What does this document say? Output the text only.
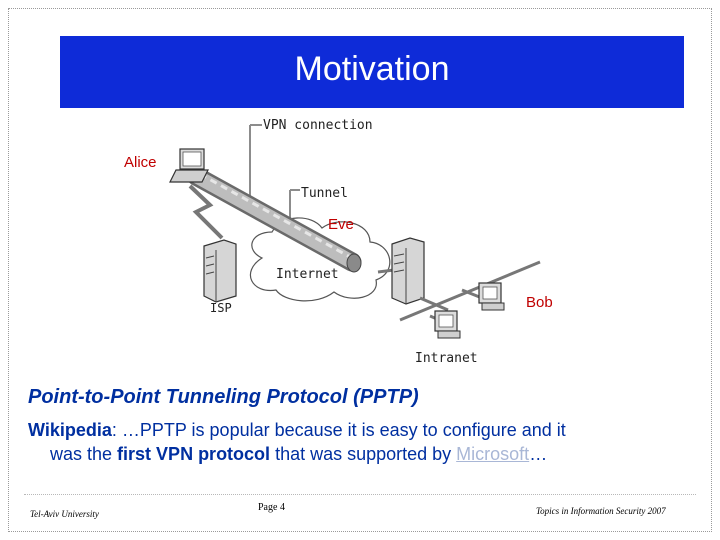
Motivation
VPN connection
Tunnel
Internet
ISP
Intranet
Alice
Eve
Bob
Point-to-Point Tunneling Protocol (PPTP)
Wikipedia: …PPTP is popular because it is easy to configure and it
was the first VPN protocol that was supported by Microsoft…
Tel-Aviv University
Page 4	Topics in Information Security 2007
